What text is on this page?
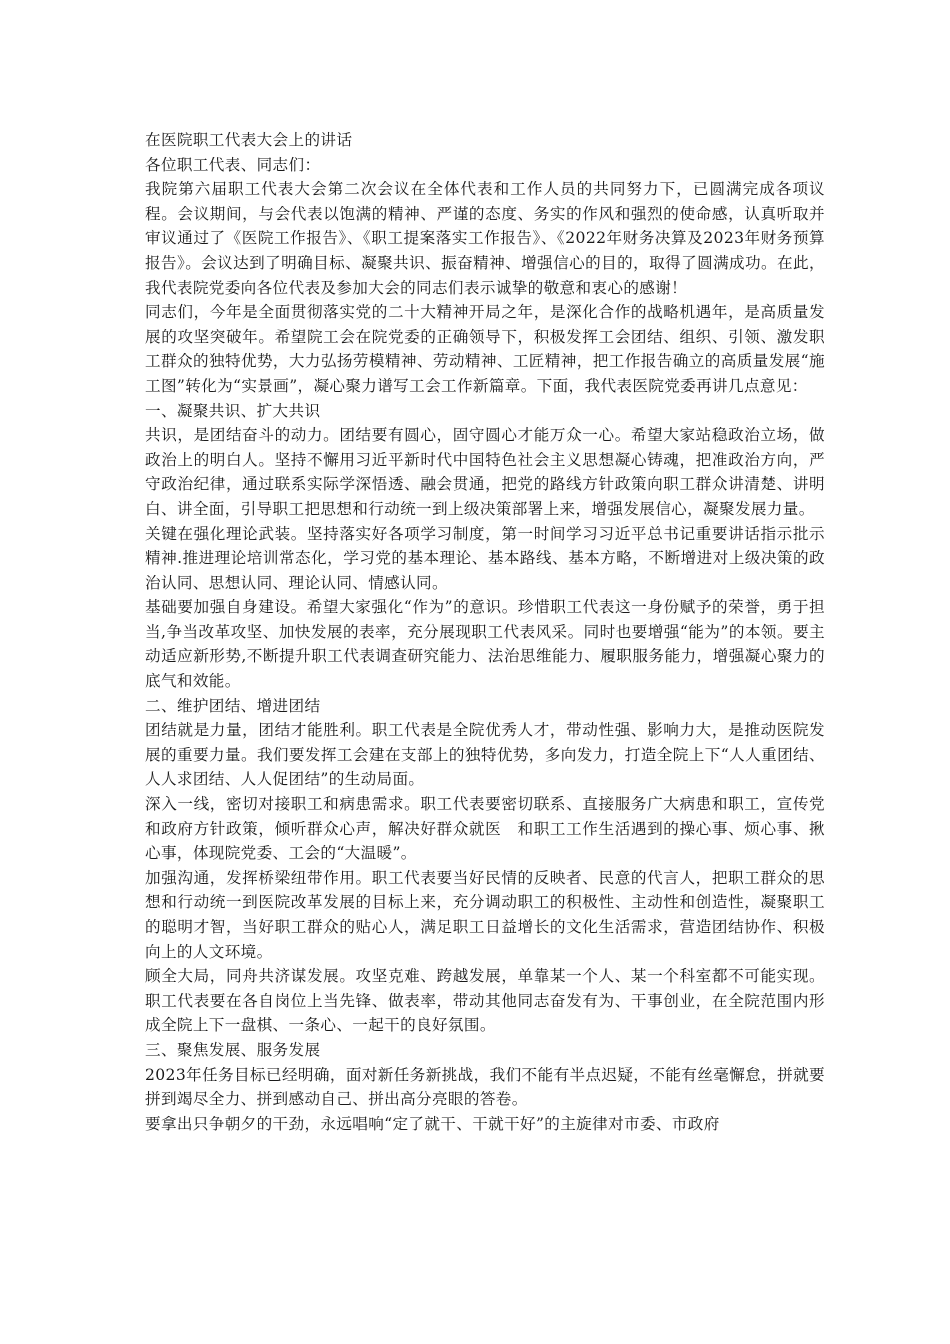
在医院职工代表大会上的讲话

各位职工代表、同志们：

我院第六届职工代表大会第二次会议在全体代表和工作人员的共同努力下，已圆满完成各项议程。会议期间，与会代表以饱满的精神、严谨的态度、务实的作风和强烈的使命感，认真听取并审议通过了《医院工作报告》、《职工提案落实工作报告》、《2022年财务决算及2023年财务预算报告》。会议达到了明确目标、凝聚共识、振奋精神、增强信心的目的，取得了圆满成功。在此，我代表院党委向各位代表及参加大会的同志们表示诚挚的敬意和衷心的感谢！

同志们，今年是全面贯彻落实党的二十大精神开局之年，是深化合作的战略机遇年，是高质量发展的攻坚突破年。希望院工会在院党委的正确领导下，积极发挥工会团结、组织、引领、激发职工群众的独特优势，大力弘扬劳模精神、劳动精神、工匠精神，把工作报告确立的高质量发展“施工图”转化为“实景画”，凝心聚力谱写工会工作新篇章。下面，我代表医院党委再讲几点意见：

一、凝聚共识、扩大共识

共识，是团结奋斗的动力。团结要有圆心，固守圆心才能万众一心。希望大家站稳政治立场，做政治上的明白人。坚持不懈用习近平新时代中国特色社会主义思想凝心铸魂，把准政治方向，严守政治纪律，通过联系实际学深悟透、融会贯通，把党的路线方针政策向职工群众讲清楚、讲明白、讲全面，引导职工把思想和行动统一到上级决策部署上来，增强发展信心，凝聚发展力量。

关键在强化理论武装。坚持落实好各项学习制度，第一时间学习习近平总书记重要讲话指示批示精神.推进理论培训常态化，学习党的基本理论、基本路线、基本方略，不断增进对上级决策的政治认同、思想认同、理论认同、情感认同。

基础要加强自身建设。希望大家强化“作为”的意识。珍惜职工代表这一身份赋予的荣誉，勇于担当,争当改革攻坚、加快发展的表率，充分展现职工代表风采。同时也要增强“能为”的本领。要主动适应新形势,不断提升职工代表调查研究能力、法治思维能力、履职服务能力，增强凝心聚力的底气和效能。

二、维护团结、增进团结

团结就是力量，团结才能胜利。职工代表是全院优秀人才，带动性强、影响力大，是推动医院发展的重要力量。我们要发挥工会建在支部上的独特优势，多向发力，打造全院上下“人人重团结、人人求团结、人人促团结”的生动局面。

深入一线，密切对接职工和病患需求。职工代表要密切联系、直接服务广大病患和职工，宣传党和政府方针政策，倾听群众心声，解决好群众就医　和职工工作生活遇到的操心事、烦心事、揪心事，体现院党委、工会的“大温暖”。

加强沟通，发挥桥梁纽带作用。职工代表要当好民情的反映者、民意的代言人，把职工群众的思想和行动统一到医院改革发展的目标上来，充分调动职工的积极性、主动性和创造性，凝聚职工的聪明才智，当好职工群众的贴心人，满足职工日益增长的文化生活需求，营造团结协作、积极向上的人文环境。

顾全大局，同舟共济谋发展。攻坚克难、跨越发展，单靠某一个人、某一个科室都不可能实现。职工代表要在各自岗位上当先锋、做表率，带动其他同志奋发有为、干事创业，在全院范围内形成全院上下一盘棋、一条心、一起干的良好氛围。

三、聚焦发展、服务发展

2023年任务目标已经明确，面对新任务新挑战，我们不能有半点迟疑，不能有丝毫懈怠，拼就要拼到竭尽全力、拼到感动自己、拼出高分亮眼的答卷。

要拿出只争朝夕的干劲，永远唱响“定了就干、干就干好”的主旋律对市委、市政府
